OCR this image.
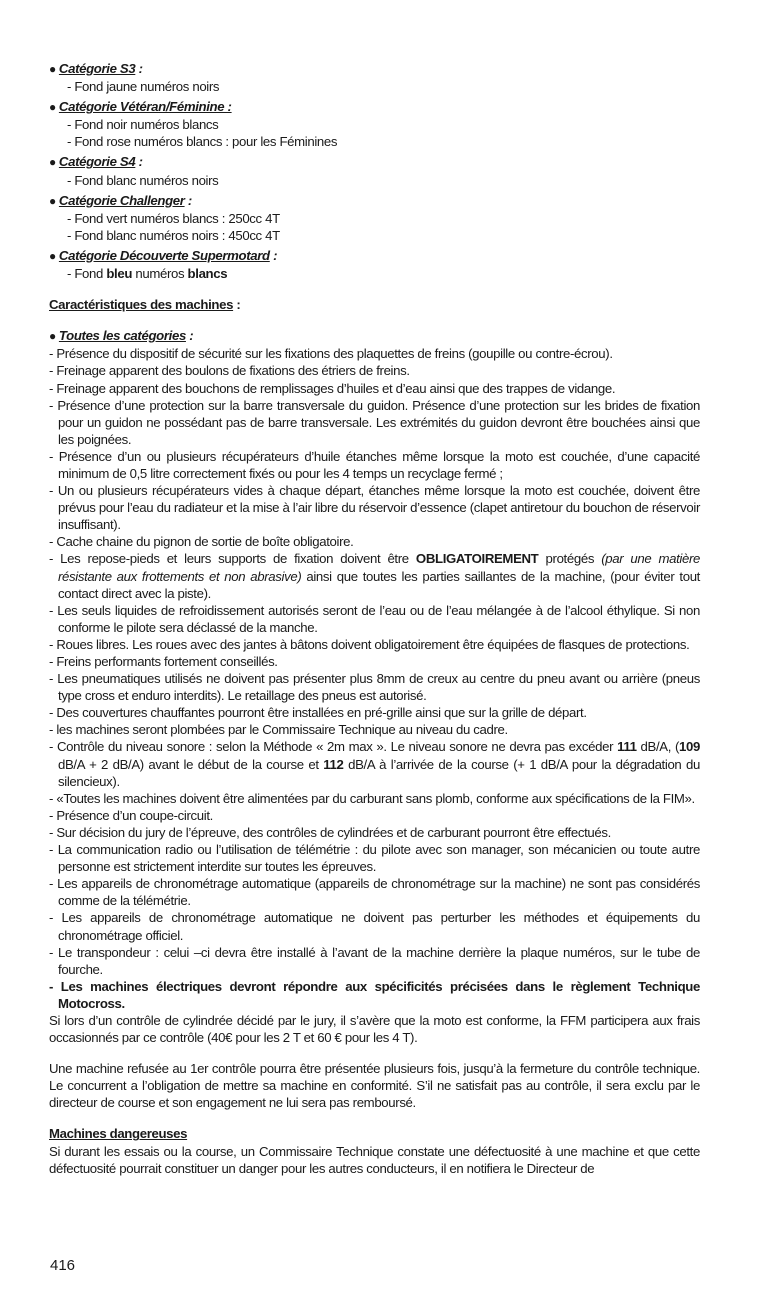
● Catégorie S3 :
- Fond jaune numéros noirs
● Catégorie Vétéran/Féminine :
- Fond noir numéros blancs
- Fond rose numéros blancs : pour les Féminines
● Catégorie S4 :
- Fond blanc numéros noirs
● Catégorie Challenger :
- Fond vert numéros blancs : 250cc 4T
- Fond blanc numéros noirs : 450cc 4T
● Catégorie Découverte Supermotard :
- Fond bleu numéros blancs
Caractéristiques des machines :
● Toutes les catégories :
- Présence du dispositif de sécurité sur les fixations des plaquettes de freins (goupille ou contre-écrou).
- Freinage apparent des boulons de fixations des étriers de freins.
- Freinage apparent des bouchons de remplissages d’huiles et d’eau ainsi que des trappes de vidange.
- Présence d’une protection sur la barre transversale du guidon. Présence d’une protection sur les brides de fixation pour un guidon ne possédant pas de barre transversale. Les extrémités du guidon devront être bouchées ainsi que les poignées.
- Présence d’un ou plusieurs récupérateurs d’huile étanches même lorsque la moto est couchée, d’une capacité minimum de 0,5 litre correctement fixés ou pour les 4 temps un recyclage fermé ;
- Un ou plusieurs récupérateurs vides à chaque départ, étanches même lorsque la moto est couchée, doivent être prévus pour l’eau du radiateur et la mise à l’air libre du réservoir d’essence (clapet antiretour du bouchon de réservoir insuffisant).
- Cache chaine du pignon de sortie de boîte obligatoire.
- Les repose-pieds et leurs supports de fixation doivent être OBLIGATOIREMENT protégés (par une matière résistante aux frottements et non abrasive) ainsi que toutes les parties saillantes de la machine, (pour éviter tout contact direct avec la piste).
- Les seuls liquides de refroidissement autorisés seront de l’eau ou de l’eau mélangée à de l’alcool éthylique. Si non conforme le pilote sera déclassé de la manche.
- Roues libres. Les roues avec des jantes à bâtons doivent obligatoirement être équipées de flasques de protections.
- Freins performants fortement conseillés.
- Les pneumatiques utilisés ne doivent pas présenter plus 8mm de creux au centre du pneu avant ou arrière (pneus type cross et enduro interdits). Le retaillage des pneus est autorisé.
- Des couvertures chauffantes pourront être installées en pré-grille ainsi que sur la grille de départ.
- les machines seront plombées par le Commissaire Technique au niveau du cadre.
- Contrôle du niveau sonore : selon la Méthode « 2m max ». Le niveau sonore ne devra pas excéder 111 dB/A, (109 dB/A + 2 dB/A) avant le début de la course et 112 dB/A à l’arrivée de la course (+ 1 dB/A pour la dégradation du silencieux).
- «Toutes les machines doivent être alimentées par du carburant sans plomb, conforme aux spécifications de la FIM».
- Présence d’un coupe-circuit.
- Sur décision du jury de l’épreuve, des contrôles de cylindrées et de carburant pourront être effectués.
- La communication radio ou l’utilisation de télémétrie : du pilote avec son manager, son mécanicien ou toute autre personne est strictement interdite sur toutes les épreuves.
- Les appareils de chronométrage automatique (appareils de chronométrage sur la machine) ne sont pas considérés comme de la télémétrie.
- Les appareils de chronométrage automatique ne doivent pas perturber les méthodes et équipements du chronométrage officiel.
- Le transpondeur : celui –ci devra être installé à l’avant de la machine derrière la plaque numéros, sur le tube de fourche.
- Les machines électriques devront répondre aux spécificités précisées dans le règlement Technique Motocross.
Si lors d’un contrôle de cylindrée décidé par le jury, il s’avère que la moto est conforme, la FFM participera aux frais occasionnés par ce contrôle (40€ pour les 2 T et 60 € pour les 4 T).
Une machine refusée au 1er contrôle pourra être présentée plusieurs fois, jusqu’à la fermeture du contrôle technique. Le concurrent a l’obligation de mettre sa machine en conformité. S’il ne satisfait pas au contrôle, il sera exclu par le directeur de course et son engagement ne lui sera pas remboursé.
Machines dangereuses
Si durant les essais ou la course, un Commissaire Technique constate une défectuosité à une machine et que cette défectuosité pourrait constituer un danger pour les autres conducteurs, il en notifiera le Directeur de
416
